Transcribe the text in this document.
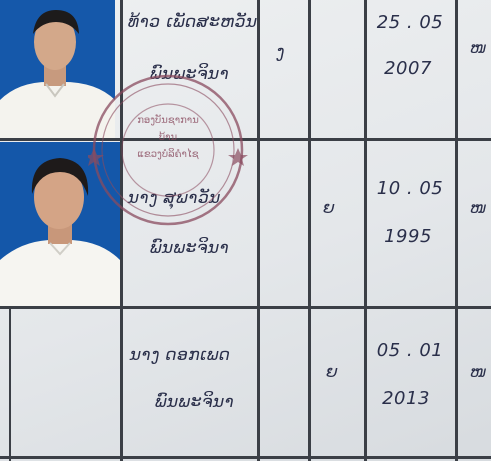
ທ້າວ ເພັດສະຫວັນ
ພົນພະຈິນາ
ງ
25 . 05
2007
ໜ
ນາງ ສຸພາວັນ
ພົນພະຈິນາ
ຍ
10 . 05
1995
ໜ
ນາງ ດອກເພດ
ພົນພະຈິນາ
ຍ
05 . 01
2013
ໜ
ກອງບັນຊາການ
ບ້ານ
ແຂວງບໍລິຄຳໄຊ
